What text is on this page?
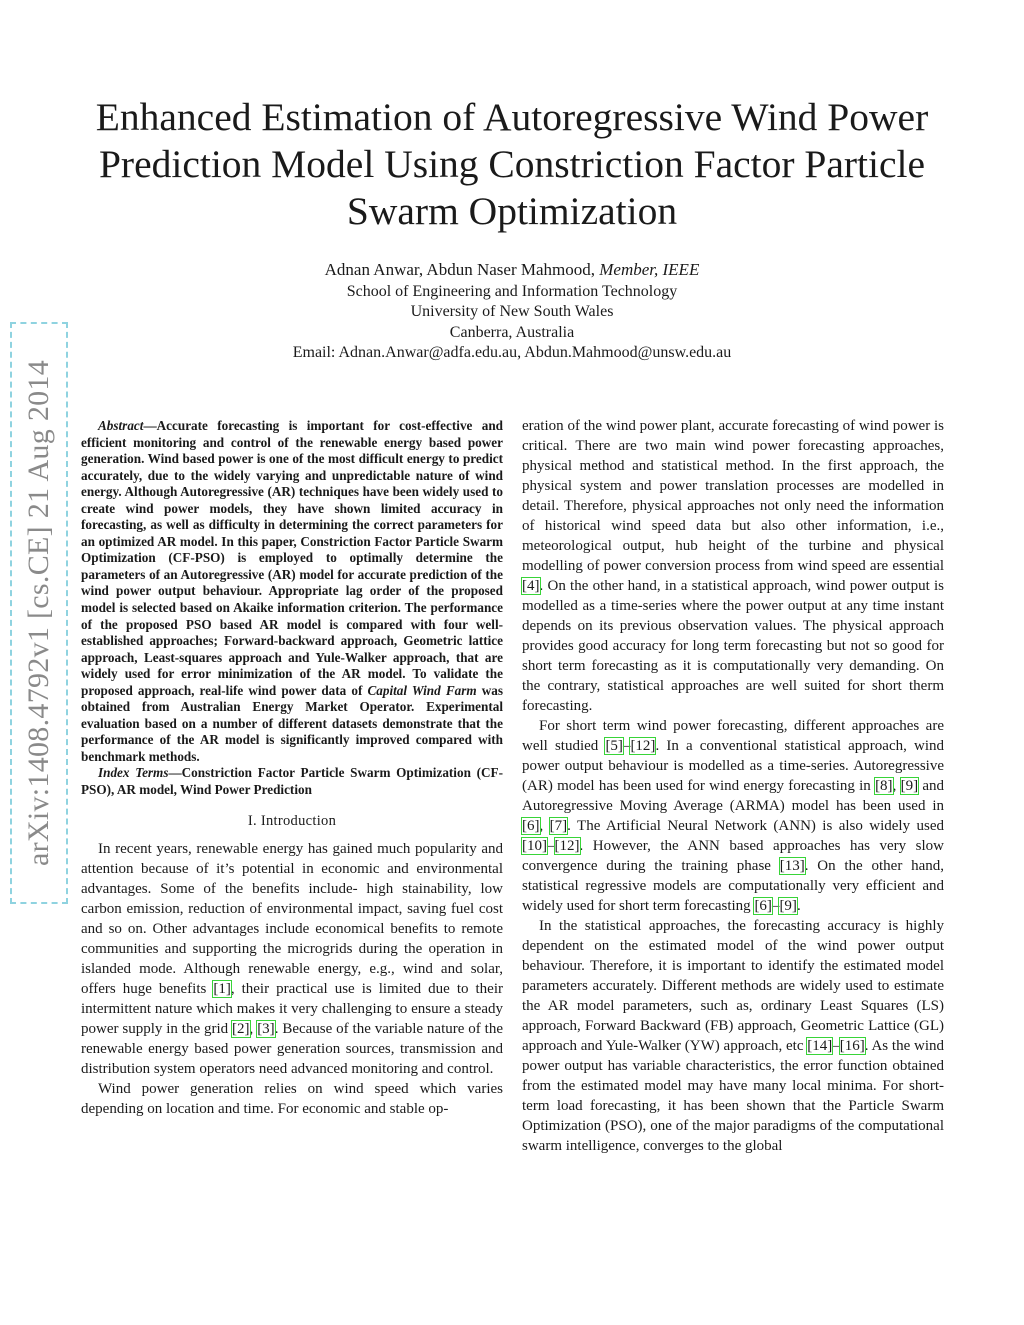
arXiv:1408.4792v1 [cs.CE] 21 Aug 2014
Enhanced Estimation of Autoregressive Wind Power Prediction Model Using Constriction Factor Particle Swarm Optimization
Adnan Anwar, Abdun Naser Mahmood, Member, IEEE
School of Engineering and Information Technology
University of New South Wales
Canberra, Australia
Email: Adnan.Anwar@adfa.edu.au, Abdun.Mahmood@unsw.edu.au

Abstract—Accurate forecasting is important for cost-effective and efficient monitoring and control of the renewable energy based power generation. Wind based power is one of the most difficult energy to predict accurately, due to the widely varying and unpredictable nature of wind energy. Although Autoregressive (AR) techniques have been widely used to create wind power models, they have shown limited accuracy in forecasting, as well as difficulty in determining the correct parameters for an optimized AR model. In this paper, Constriction Factor Particle Swarm Optimization (CF-PSO) is employed to optimally determine the parameters of an Autoregressive (AR) model for accurate prediction of the wind power output behaviour. Appropriate lag order of the proposed model is selected based on Akaike information criterion. The performance of the proposed PSO based AR model is compared with four well-established approaches; Forward-backward approach, Geometric lattice approach, Least-squares approach and Yule-Walker approach, that are widely used for error minimization of the AR model. To validate the proposed approach, real-life wind power data of Capital Wind Farm was obtained from Australian Energy Market Operator. Experimental evaluation based on a number of different datasets demonstrate that the performance of the AR model is significantly improved compared with benchmark methods.

Index Terms—Constriction Factor Particle Swarm Optimization (CF-PSO), AR model, Wind Power Prediction

I. Introduction

In recent years, renewable energy has gained much popularity and attention because of it’s potential in economic and environmental advantages. Some of the benefits include- high stainability, low carbon emission, reduction of environmental impact, saving fuel cost and so on. Other advantages include economical benefits to remote communities and supporting the microgrids during the operation in islanded mode. Although renewable energy, e.g., wind and solar, offers huge benefits [1], their practical use is limited due to their intermittent nature which makes it very challenging to ensure a steady power supply in the grid [2], [3]. Because of the variable nature of the renewable energy based power generation sources, transmission and distribution system operators need advanced monitoring and control.

Wind power generation relies on wind speed which varies depending on location and time. For economic and stable op-

eration of the wind power plant, accurate forecasting of wind power is critical. There are two main wind power forecasting approaches, physical method and statistical method. In the first approach, the physical system and power translation processes are modelled in detail. Therefore, physical approaches not only need the information of historical wind speed data but also other information, i.e., meteorological output, hub height of the turbine and physical modelling of power conversion process from wind speed are essential [4]. On the other hand, in a statistical approach, wind power output is modelled as a time-series where the power output at any time instant depends on its previous observation values. The physical approach provides good accuracy for long term forecasting but not so good for short term forecasting as it is computationally very demanding. On the contrary, statistical approaches are well suited for short therm forecasting.

For short term wind power forecasting, different approaches are well studied [5]–[12]. In a conventional statistical approach, wind power output behaviour is modelled as a time-series. Autoregressive (AR) model has been used for wind energy forecasting in [8], [9] and Autoregressive Moving Average (ARMA) model has been used in [6], [7]. The Artificial Neural Network (ANN) is also widely used [10]–[12]. However, the ANN based approaches has very slow convergence during the training phase [13]. On the other hand, statistical regressive models are computationally very efficient and widely used for short term forecasting [6]–[9].

In the statistical approaches, the forecasting accuracy is highly dependent on the estimated model of the wind power output behaviour. Therefore, it is important to identify the estimated model parameters accurately. Different methods are widely used to estimate the AR model parameters, such as, ordinary Least Squares (LS) approach, Forward Backward (FB) approach, Geometric Lattice (GL) approach and Yule-Walker (YW) approach, etc [14]–[16]. As the wind power output has variable characteristics, the error function obtained from the estimated model may have many local minima. For short-term load forecasting, it has been shown that the Particle Swarm Optimization (PSO), one of the major paradigms of the computational swarm intelligence, converges to the global
